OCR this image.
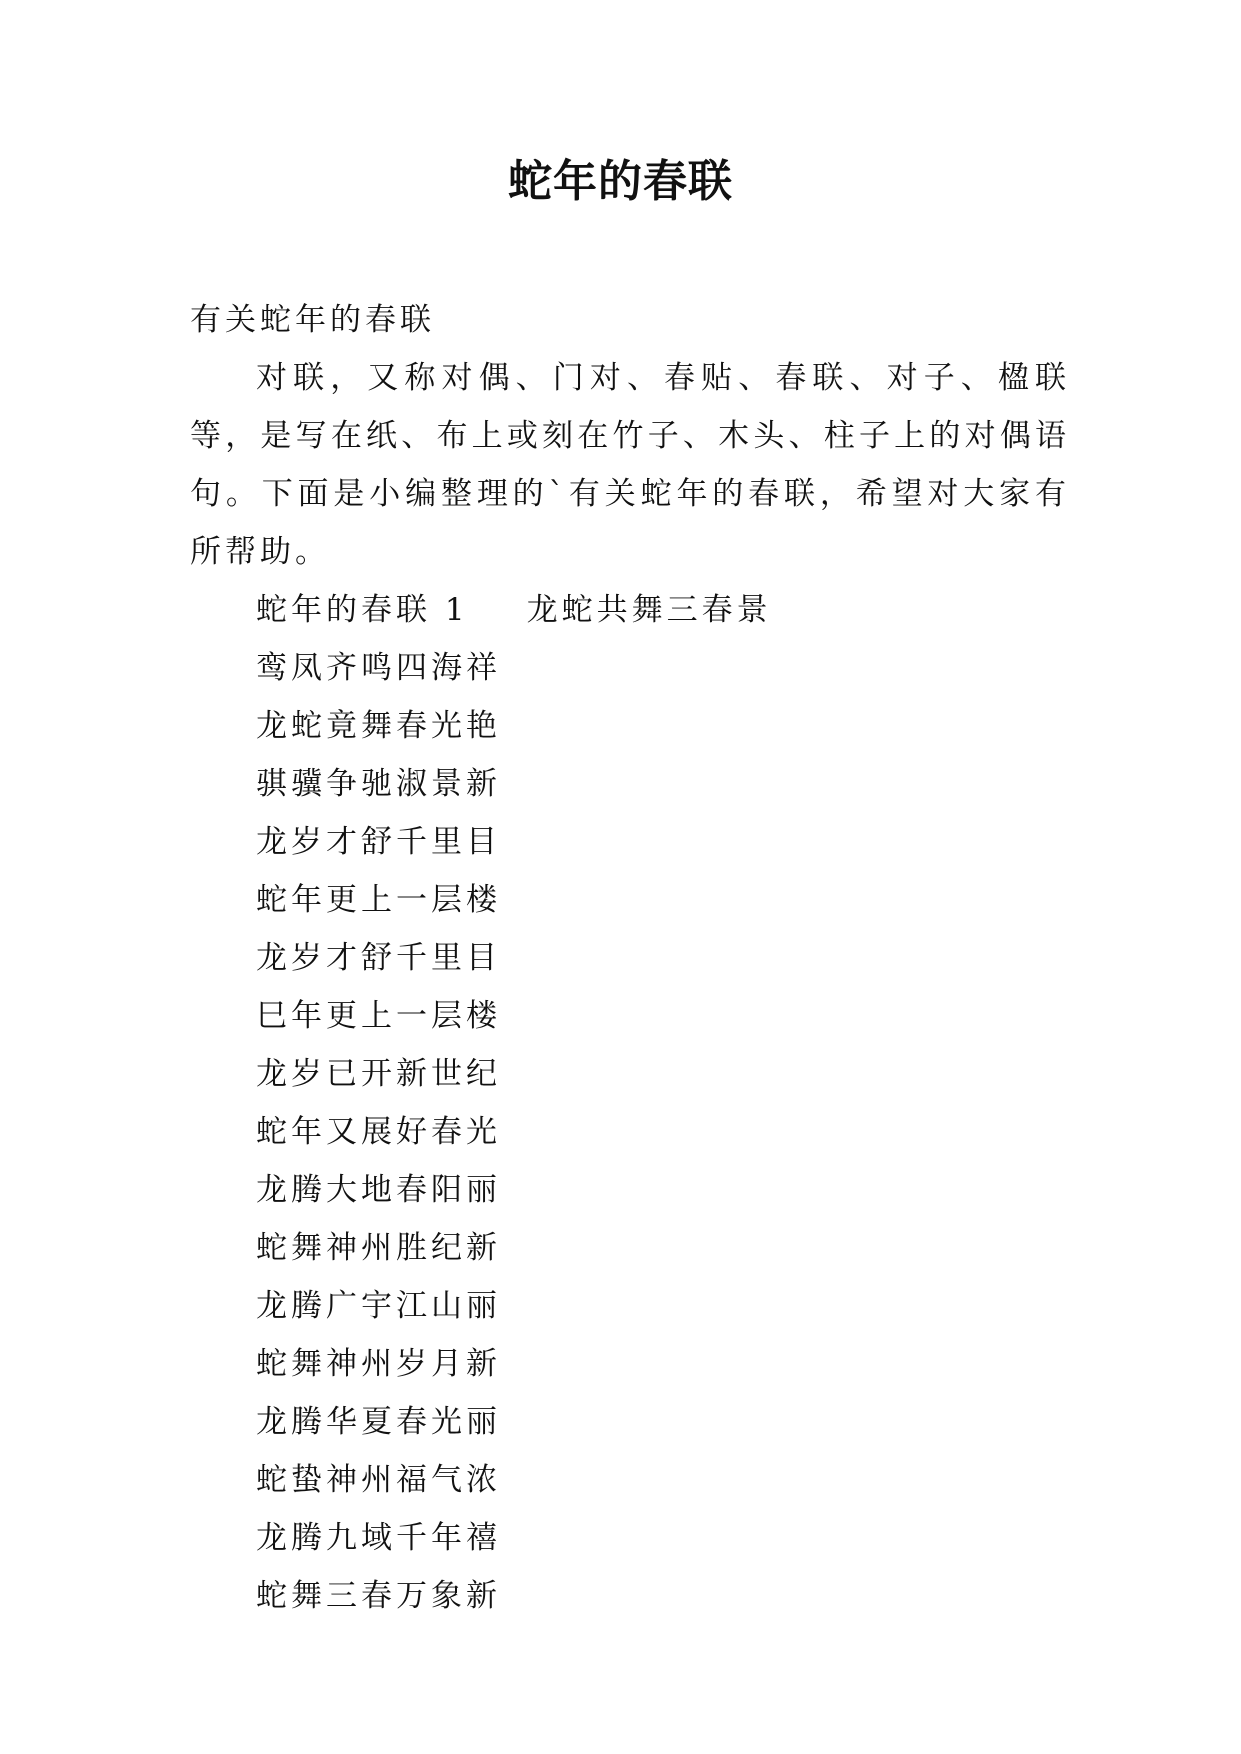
蛇年的春联
有关蛇年的春联
对联，又称对偶、门对、春贴、春联、对子、楹联等，是写在纸、布上或刻在竹子、木头、柱子上的对偶语句。下面是小编整理的`有关蛇年的春联，希望对大家有所帮助。
蛇年的春联 1 龙蛇共舞三春景
鸾凤齐鸣四海祥
龙蛇竟舞春光艳
骐骥争驰淑景新
龙岁才舒千里目
蛇年更上一层楼
龙岁才舒千里目
巳年更上一层楼
龙岁已开新世纪
蛇年又展好春光
龙腾大地春阳丽
蛇舞神州胜纪新
龙腾广宇江山丽
蛇舞神州岁月新
龙腾华夏春光丽
蛇蛰神州福气浓
龙腾九域千年禧
蛇舞三春万象新
